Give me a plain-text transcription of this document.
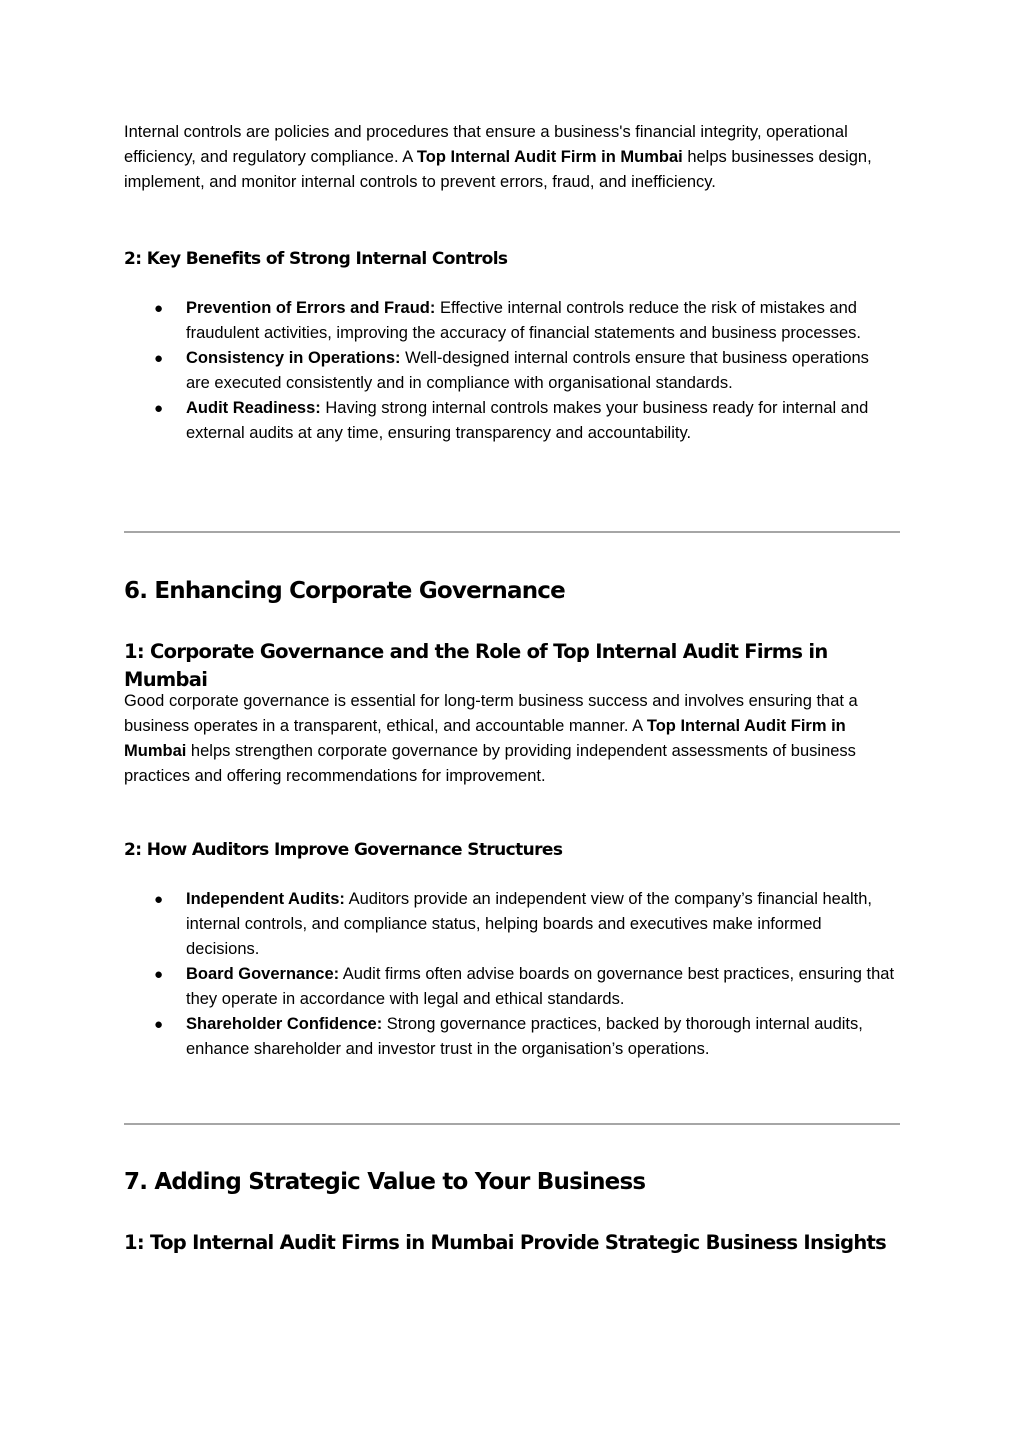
Internal controls are policies and procedures that ensure a business's financial integrity, operational efficiency, and regulatory compliance. A Top Internal Audit Firm in Mumbai helps businesses design, implement, and monitor internal controls to prevent errors, fraud, and inefficiency.

2: Key Benefits of Strong Internal Controls
● Prevention of Errors and Fraud: Effective internal controls reduce the risk of mistakes and fraudulent activities, improving the accuracy of financial statements and business processes.
● Consistency in Operations: Well-designed internal controls ensure that business operations are executed consistently and in compliance with organisational standards.
● Audit Readiness: Having strong internal controls makes your business ready for internal and external audits at any time, ensuring transparency and accountability.
6. Enhancing Corporate Governance
1: Corporate Governance and the Role of Top Internal Audit Firms in Mumbai

Good corporate governance is essential for long-term business success and involves ensuring that a business operates in a transparent, ethical, and accountable manner. A Top Internal Audit Firm in Mumbai helps strengthen corporate governance by providing independent assessments of business practices and offering recommendations for improvement.

2: How Auditors Improve Governance Structures
● Independent Audits: Auditors provide an independent view of the company’s financial health, internal controls, and compliance status, helping boards and executives make informed decisions.
● Board Governance: Audit firms often advise boards on governance best practices, ensuring that they operate in accordance with legal and ethical standards.
● Shareholder Confidence: Strong governance practices, backed by thorough internal audits, enhance shareholder and investor trust in the organisation’s operations.
7. Adding Strategic Value to Your Business
1: Top Internal Audit Firms in Mumbai Provide Strategic Business Insights
